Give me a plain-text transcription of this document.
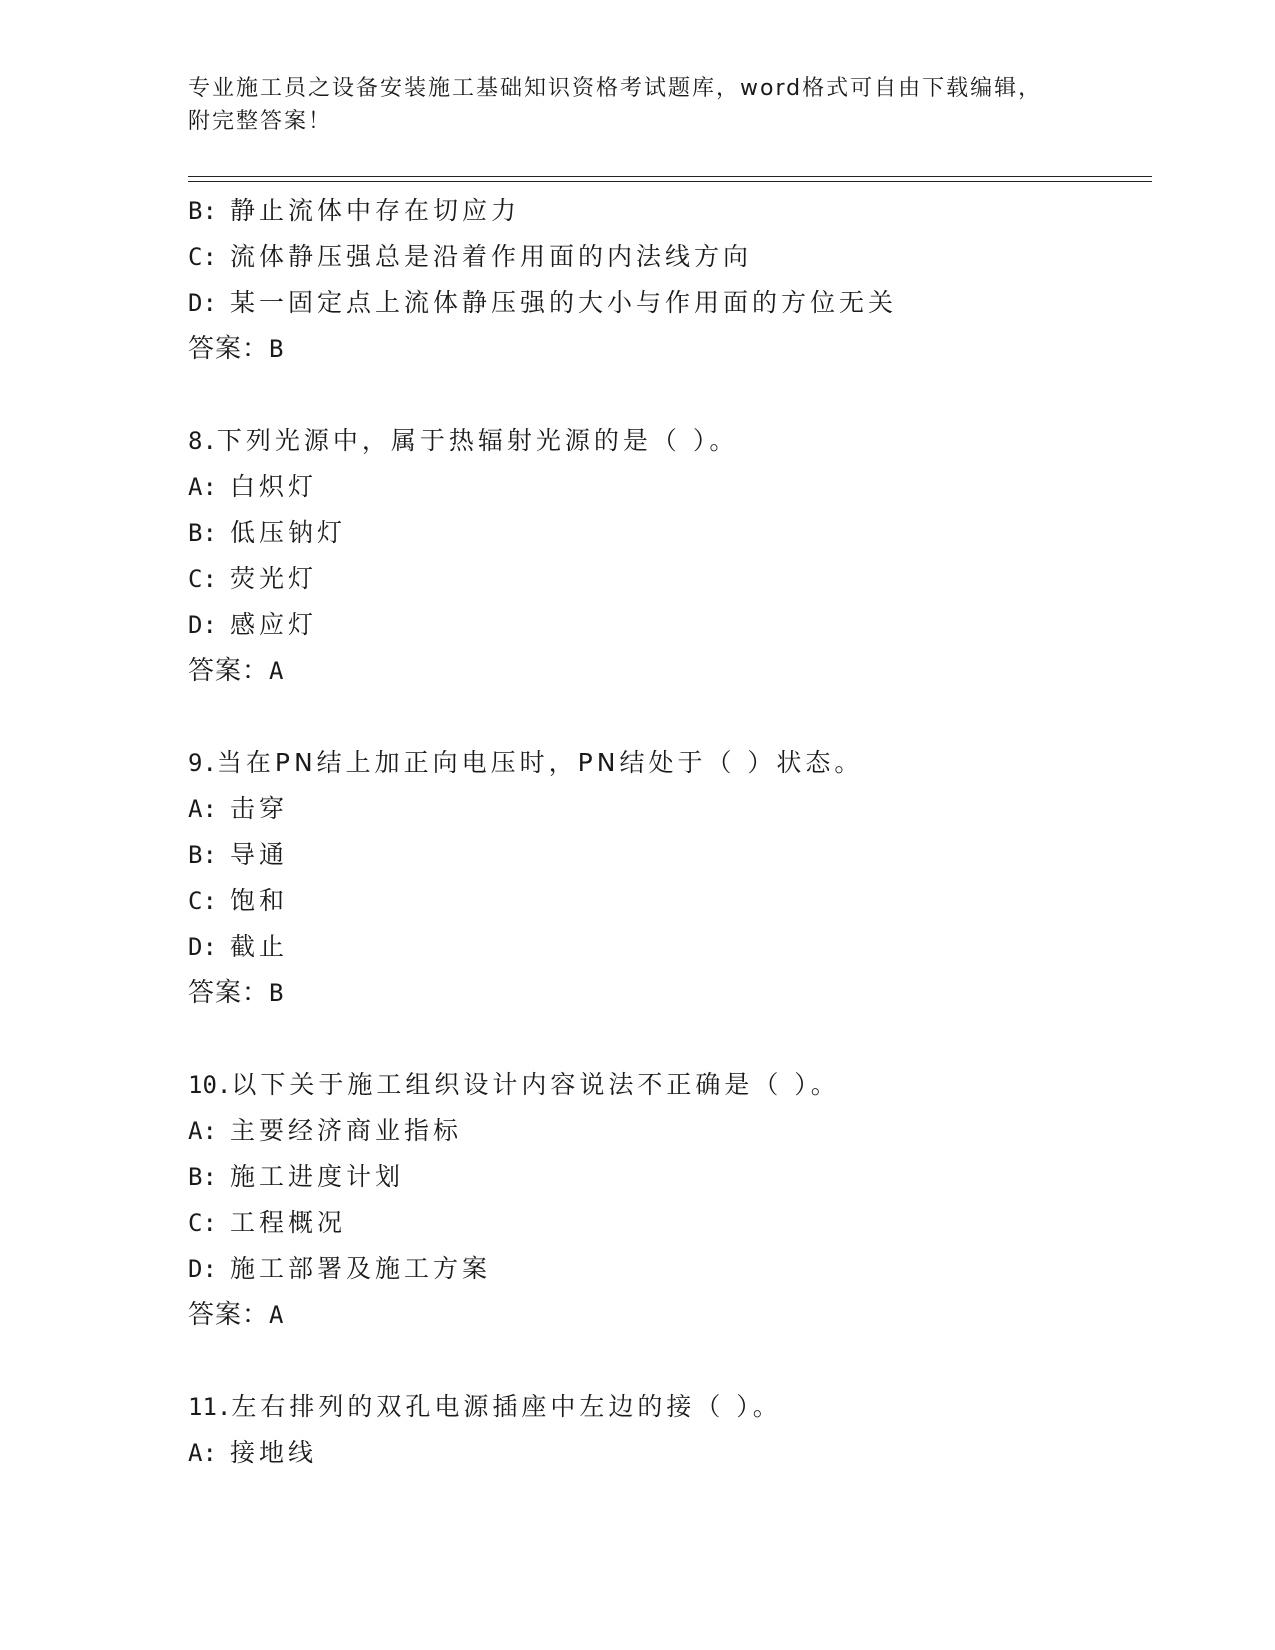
专业施工员之设备安装施工基础知识资格考试题库，word格式可自由下载编辑，
附完整答案！
B: 静止流体中存在切应力
C: 流体静压强总是沿着作用面的内法线方向
D: 某一固定点上流体静压强的大小与作用面的方位无关
答案：B
8.下列光源中，属于热辐射光源的是（ ）。
A: 白炽灯
B: 低压钠灯
C: 荧光灯
D: 感应灯
答案：A
9.当在PN结上加正向电压时，PN结处于（ ）状态。
A: 击穿
B: 导通
C: 饱和
D: 截止
答案：B
10.以下关于施工组织设计内容说法不正确是（ ）。
A: 主要经济商业指标
B: 施工进度计划
C: 工程概况
D: 施工部署及施工方案
答案：A
11.左右排列的双孔电源插座中左边的接（ ）。
A: 接地线
